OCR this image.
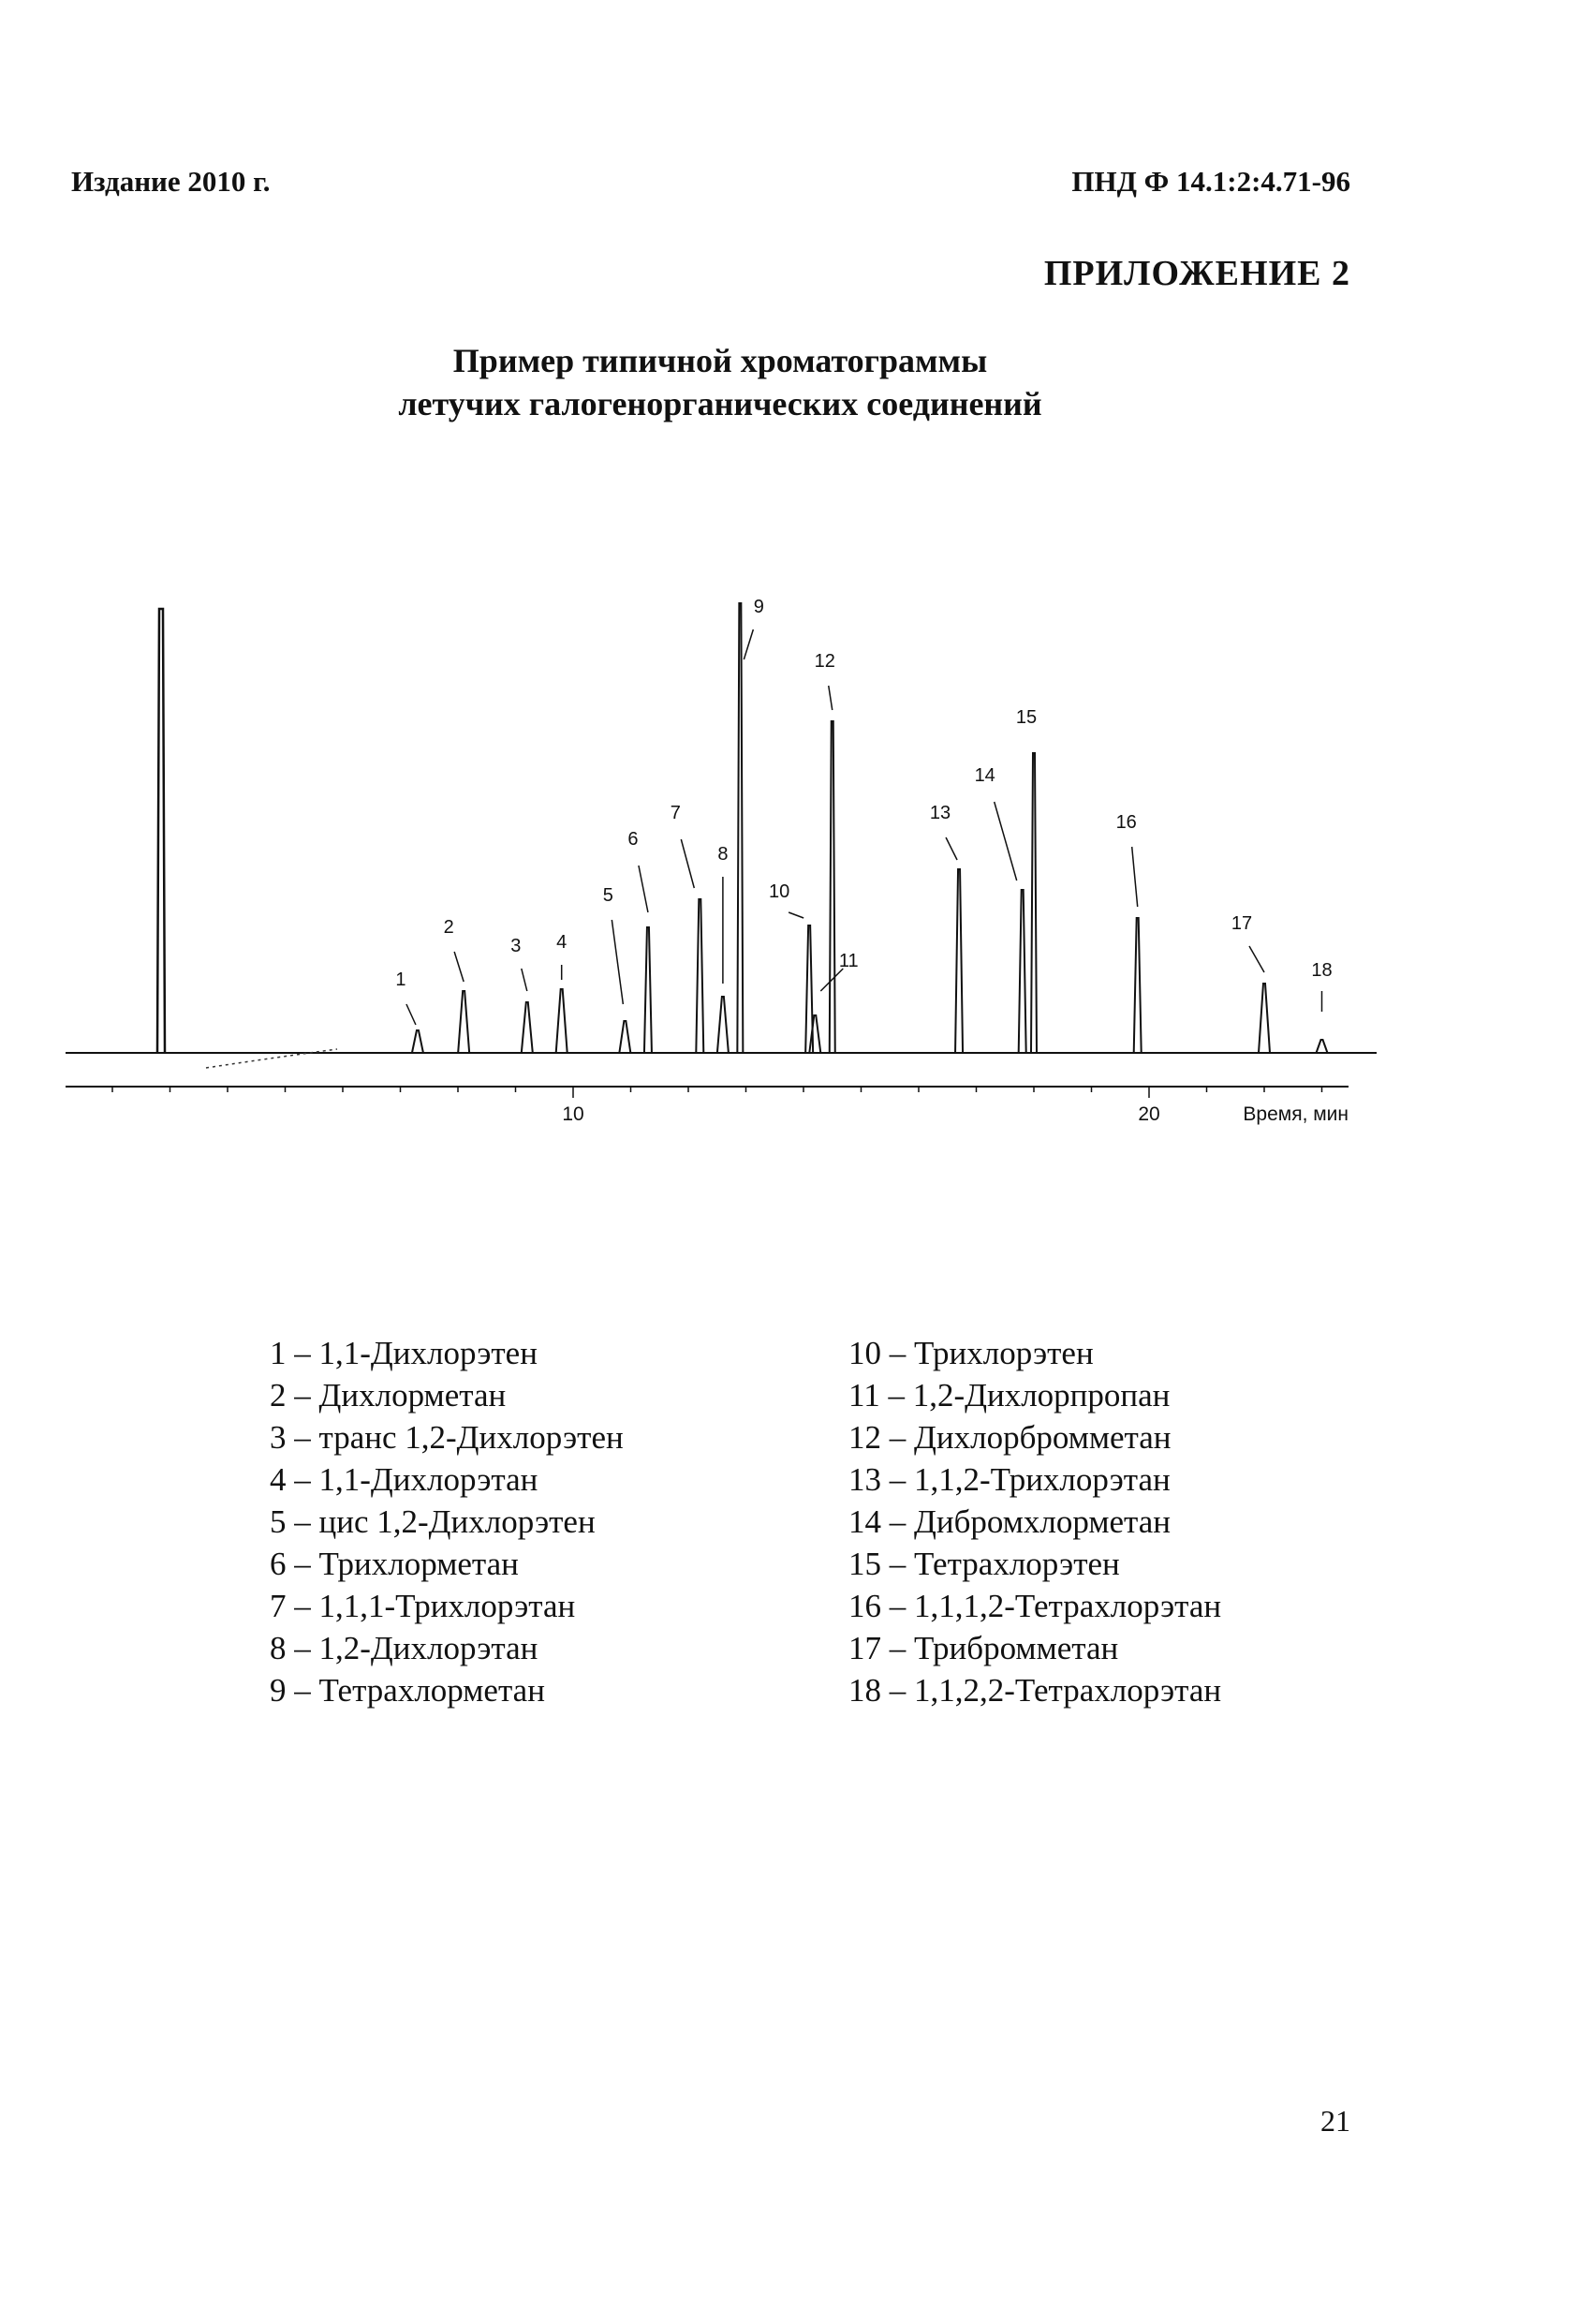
Издание 2010 г.	ПНД Ф 14.1:2:4.71-96
ПРИЛОЖЕНИЕ 2
Пример типичной хроматограммы
летучих галогенорганических соединений
1
2
3 4
5
6
7
8
9
10
11
12
13
14
15
16
17
18
10	20	Время, мин
1 – 1,1-Дихлорэтен
2 – Дихлорметан
3 – транс 1,2-Дихлорэтен
4 – 1,1-Дихлорэтан
5 – цис 1,2-Дихлорэтен
6 – Трихлорметан
7 – 1,1,1-Трихлорэтан
8 – 1,2-Дихлорэтан
9 – Тетрахлорметан
10 – Трихлорэтен
11 – 1,2-Дихлорпропан
12 – Дихлорбромметан
13 – 1,1,2-Трихлорэтан
14 – Дибромхлорметан
15 – Тетрахлорэтен
16 – 1,1,1,2-Тетрахлорэтан
17 – Трибромметан
18 – 1,1,2,2-Тетрахлорэтан
21
